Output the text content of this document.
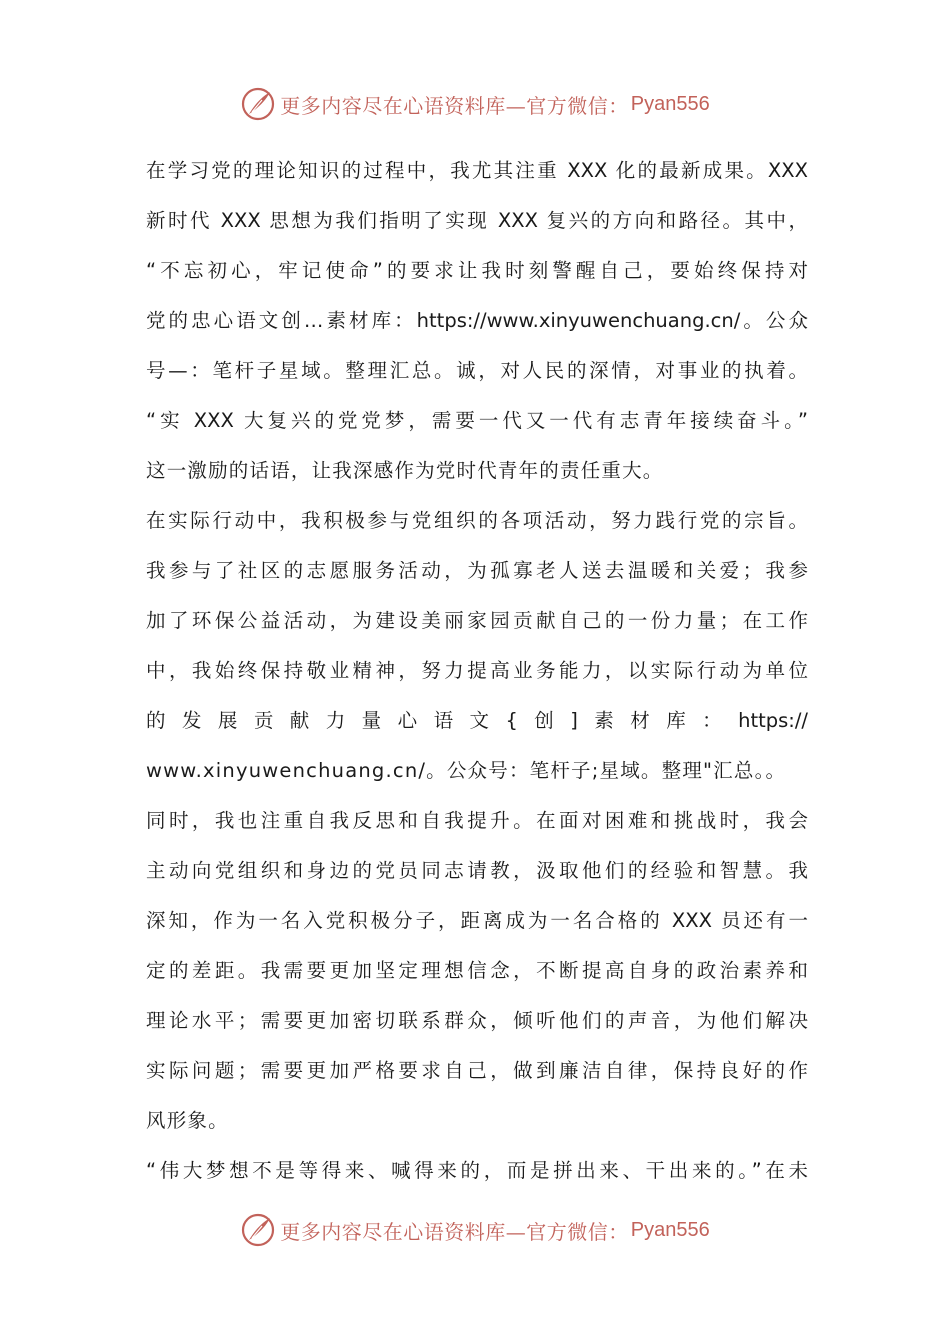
更多内容尽在心语资料库—官方微信： Pyan556
在学习党的理论知识的过程中，我尤其注重 XXX 化的最新成果。XXX
新时代 XXX 思想为我们指明了实现 XXX 复兴的方向和路径。其中，
“不忘初心，牢记使命”的要求让我时刻警醒自己，要始终保持对
党的忠心语文创…素材库：https://www.xinyuwenchuang.cn/。公众
号—：笔杆子星域。整理汇总。诚，对人民的深情，对事业的执着。
“实 XXX 大复兴的党党梦，需要一代又一代有志青年接续奋斗。”
这一激励的话语，让我深感作为党时代青年的责任重大。
在实际行动中，我积极参与党组织的各项活动，努力践行党的宗旨。
我参与了社区的志愿服务活动，为孤寡老人送去温暖和关爱；我参
加了环保公益活动，为建设美丽家园贡献自己的一份力量；在工作
中，我始终保持敬业精神，努力提高业务能力，以实际行动为单位
的发展贡献力量心语文{创]素材库：https://
www.xinyuwenchuang.cn/。公众号：笔杆子;星域。整理"汇总。。
同时，我也注重自我反思和自我提升。在面对困难和挑战时，我会
主动向党组织和身边的党员同志请教，汲取他们的经验和智慧。我
深知，作为一名入党积极分子，距离成为一名合格的 XXX 员还有一
定的差距。我需要更加坚定理想信念，不断提高自身的政治素养和
理论水平；需要更加密切联系群众，倾听他们的声音，为他们解决
实际问题；需要更加严格要求自己，做到廉洁自律，保持良好的作
风形象。
“伟大梦想不是等得来、喊得来的，而是拼出来、干出来的。”在未
更多内容尽在心语资料库—官方微信： Pyan556
